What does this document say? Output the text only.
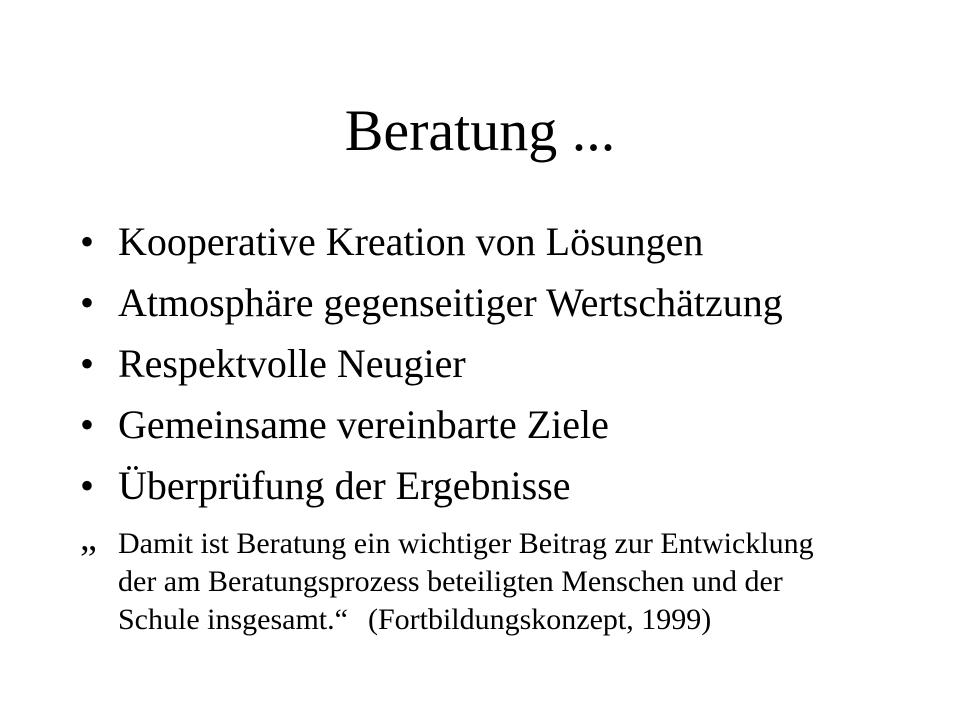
Beratung ...
• Kooperative Kreation von Lösungen
• Atmosphäre gegenseitiger Wertschätzung
• Respektvolle Neugier
• Gemeinsame vereinbarte Ziele
• Überprüfung der Ergebnisse
„ Damit ist Beratung ein wichtiger Beitrag zur Entwicklung
der am Beratungsprozess beteiligten Menschen und der
Schule insgesamt.“ (Fortbildungskonzept, 1999)
